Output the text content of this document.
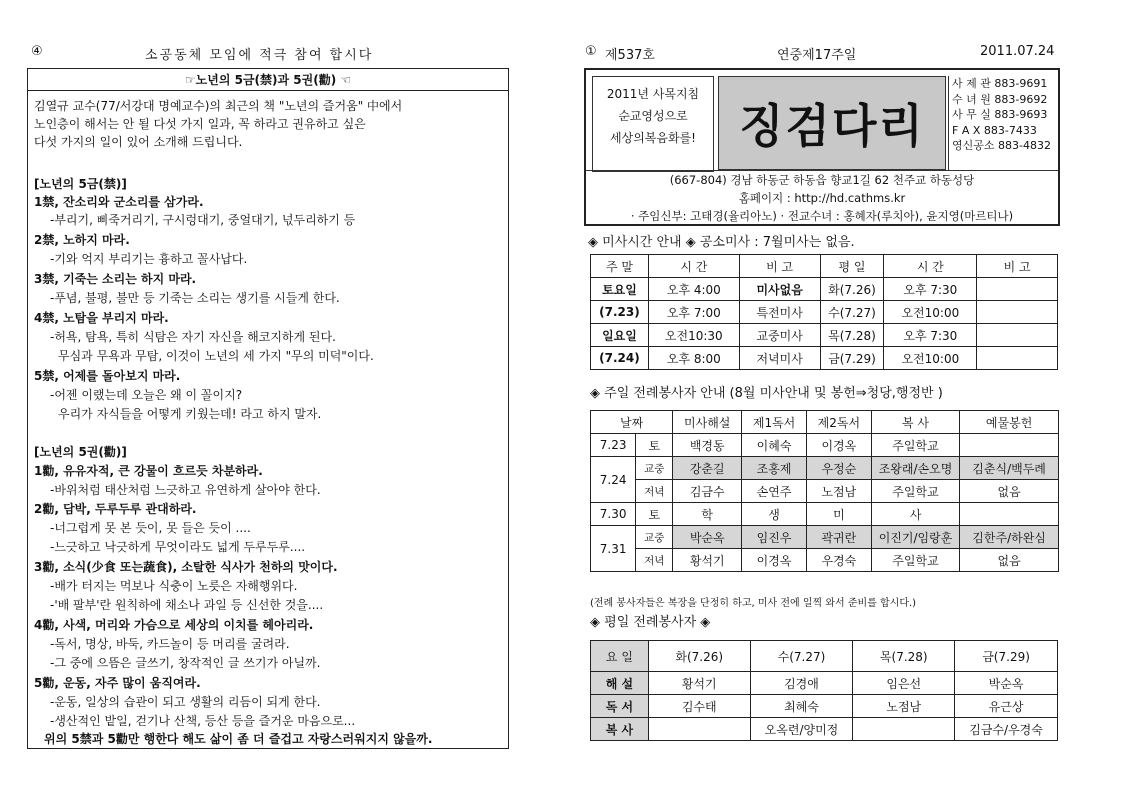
④	소공동체 모임에 적극 참여 합시다
☞노년의 5금(禁)과 5권(勸) ☜
김열규 교수(77/서강대 명예교수)의 최근의 책 "노년의 즐거움" 中에서
노인층이 해서는 안 될 다섯 가지 일과, 꼭 하라고 권유하고 싶은
다섯 가지의 일이 있어 소개해 드립니다.
[노년의 5금(禁)]
1禁, 잔소리와 군소리를 삼가라.
-부리기, 삐죽거리기, 구시렁대기, 중얼대기, 넋두리하기 등
2禁, 노하지 마라.
-기와 억지 부리기는 흉하고 꼴사납다.
3禁, 기죽는 소리는 하지 마라.
-푸념, 불평, 불만 등 기죽는 소리는 생기를 시들게 한다.
4禁, 노탐을 부리지 마라.
-허욕, 탐욕, 특히 식탐은 자기 자신을 해코지하게 된다.
무심과 무욕과 무탐, 이것이 노년의 세 가지 "무의 미덕"이다.
5禁, 어제를 돌아보지 마라.
-어젠 이랬는데 오늘은 왜 이 꼴이지?
우리가 자식들을 어떻게 키웠는데! 라고 하지 말자.
[노년의 5권(勸)]
1勸, 유유자적, 큰 강물이 흐르듯 차분하라.
-바위처럼 태산처럼 느긋하고 유연하게 살아야 한다.
2勸, 담박, 두루두루 관대하라.
-너그럽게 못 본 듯이, 못 들은 듯이 ....
-느긋하고 낙긋하게 무엇이라도 넓게 두루두루....
3勸, 소식(少食 또는蔬食), 소탈한 식사가 천하의 맛이다.
-배가 터지는 먹보나 식충이 노릇은 자해행위다.
-'배 팔부'란 원칙하에 채소나 과일 등 신선한 것을....
4勸, 사색, 머리와 가슴으로 세상의 이치를 헤아리라.
-독서, 명상, 바둑, 카드놀이 등 머리를 굴려라.
-그 중에 으뜸은 글쓰기, 창작적인 글 쓰기가 아닐까.
5勸, 운동, 자주 많이 움직여라.
-운동, 일상의 습관이 되고 생활의 리듬이 되게 한다.
-생산적인 밭일, 걷기나 산책, 등산 등을 즐거운 마음으로...
위의 5禁과 5勸만 행한다 해도 삶이 좀 더 즐겁고 자랑스러워지지 않을까.
① 제537호	연중제17주일	2011.07.24
2011년 사목지침
순교영성으로
세상의복음화를! 징검다리
사 제 관 883-9691
수 녀 원 883-9692
사 무 실 883-9693
F A X 883-7433
영신공소 883-4832
(667-804) 경남 하동군 하동읍 향교1길 62 천주교 하동성당
홈페이지 : http://hd.cathms.kr
· 주임신부: 고태경(율리아노) · 전교수녀 : 홍혜자(루치아), 윤지영(마르티나)
◈ 미사시간 안내 ◈ 공소미사 : 7월미사는 없음.
주 말	시 간	비 고	평 일	시 간	비 고
토요일	오후 4:00	미사없음	화(7.26)	오후 7:30	
(7.23)	오후 7:00	특전미사	수(7.27)	오전10:00	
일요일	오전10:30	교중미사	목(7.28)	오후 7:30	
(7.24)	오후 8:00	저녁미사	금(7.29)	오전10:00	
◈ 주일 전례봉사자 안내 (8월 미사안내 및 봉헌⇒청당,행정반 )
날짜		미사해설	제1독서	제2독서	복 사	예물봉헌
7.23	토	백경동	이혜숙	이경옥	주일학교	
7.24	교중	강춘길	조홍제	우정순	조왕래/손오명	김춘식/백두례
	저녁	김금수	손연주	노점남	주일학교	없음
7.30	토	학	생	미	사	
7.31	교중	박순옥	임진우	곽귀란	이진기/임랑훈	김한주/하완심
	저녁	황석기	이경옥	우경숙	주일학교	없음
(전례 봉사자들은 복장을 단정히 하고, 미사 전에 일찍 와서 준비를 합시다.)
◈ 평일 전례봉사자 ◈
요 일	화(7.26)	수(7.27)	목(7.28)	금(7.29)
해 설	황석기	김경애	임은선	박순옥
독 서	김수태	최혜숙	노점남	유근상
복 사		오옥련/양미정		김금수/우경숙
